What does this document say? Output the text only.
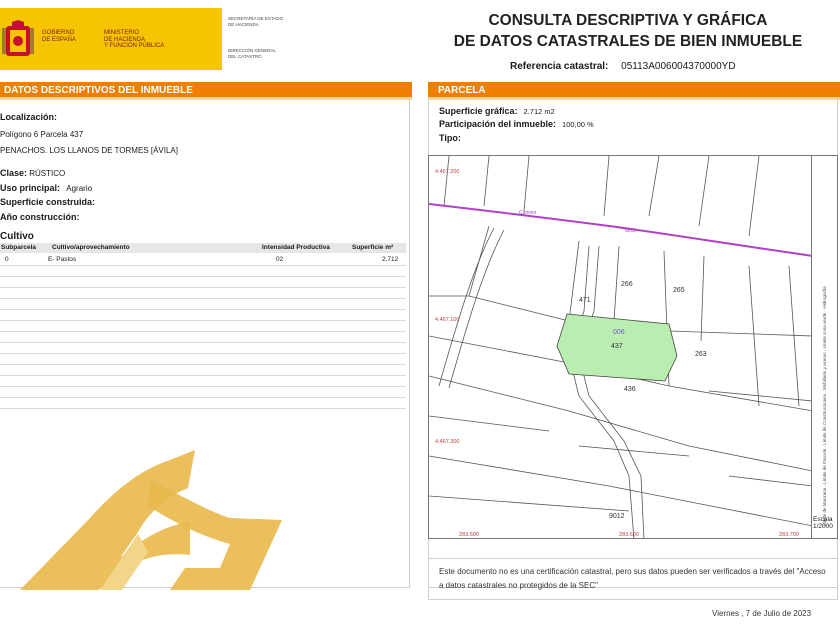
GOBIERNO
DE ESPAÑA
MINISTERIO
DE HACIENDA
Y FUNCIÓN PÚBLICA
SECRETARÍA DE ESTADO
DE HACIENDA
DIRECCIÓN GENERAL
DEL CATASTRO
CONSULTA DESCRIPTIVA Y GRÁFICA
DE DATOS CATASTRALES DE BIEN INMUEBLE
Referencia catastral: 05113A006004370000YD
DATOS DESCRIPTIVOS DEL INMUEBLE
Localización:
Polígono 6 Parcela 437
PENACHOS. LOS LLANOS DE TORMES [ÁVILA]
Clase: RÚSTICO
Uso principal: Agrario
Superficie construida:
Año construcción:
Cultivo
Subparcela Cultivo/aprovechamiento	Intensidad Productiva	Superficie m²
0	E- Pastos	02	2.712
PARCELA
Superficie gráfica: 2.712 m2
Participación del inmueble: 100,00 %
Tipo:
266
265
263
436
437
9012
471
006
Camino
9011
4.467.200
4.467.100
4.467.300
283.500	283.600	283.700
Límite de Manzana · Límite de Parcela · Límite de Construcciones · Mobiliario y aceras · Límite zona verde · Hidrografía
Escala
1/2000
Este documento no es una certificación catastral, pero sus datos pueden ser verificados a través del "Acceso a datos catastrales no protegidos de la SEC"
Viernes , 7 de Julio de 2023
